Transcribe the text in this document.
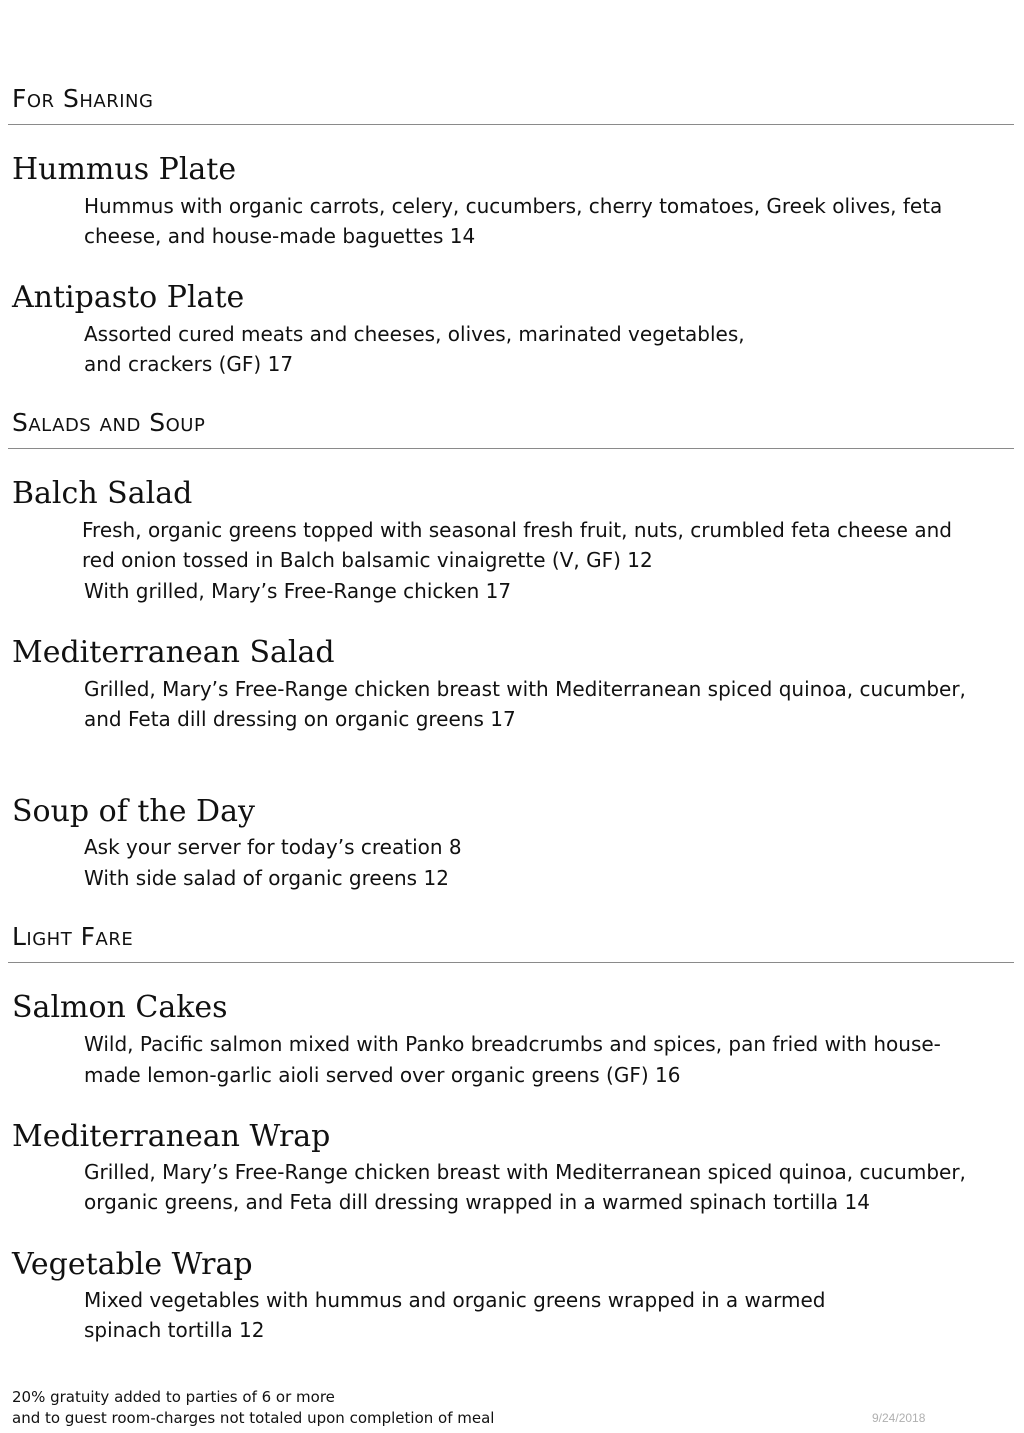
For Sharing
Hummus Plate
Hummus with organic carrots, celery, cucumbers, cherry tomatoes, Greek olives, feta
cheese, and house-made baguettes 14
Antipasto Plate
Assorted cured meats and cheeses, olives, marinated vegetables,
and crackers (GF) 17
Salads and Soup
Balch Salad
Fresh, organic greens topped with seasonal fresh fruit, nuts, crumbled feta cheese and
red onion tossed in Balch balsamic vinaigrette (V, GF) 12
With grilled, Mary’s Free-Range chicken 17
Mediterranean Salad
Grilled, Mary’s Free-Range chicken breast with Mediterranean spiced quinoa, cucumber,
and Feta dill dressing on organic greens 17
Soup of the Day
Ask your server for today’s creation 8
With side salad of organic greens 12
Light Fare
Salmon Cakes
Wild, Pacific salmon mixed with Panko breadcrumbs and spices, pan fried with house-
made lemon-garlic aioli served over organic greens (GF) 16
Mediterranean Wrap
Grilled, Mary’s Free-Range chicken breast with Mediterranean spiced quinoa, cucumber,
organic greens, and Feta dill dressing wrapped in a warmed spinach tortilla 14
Vegetable Wrap
Mixed vegetables with hummus and organic greens wrapped in a warmed
spinach tortilla 12
20% gratuity added to parties of 6 or more
and to guest room-charges not totaled upon completion of meal	9/24/2018
